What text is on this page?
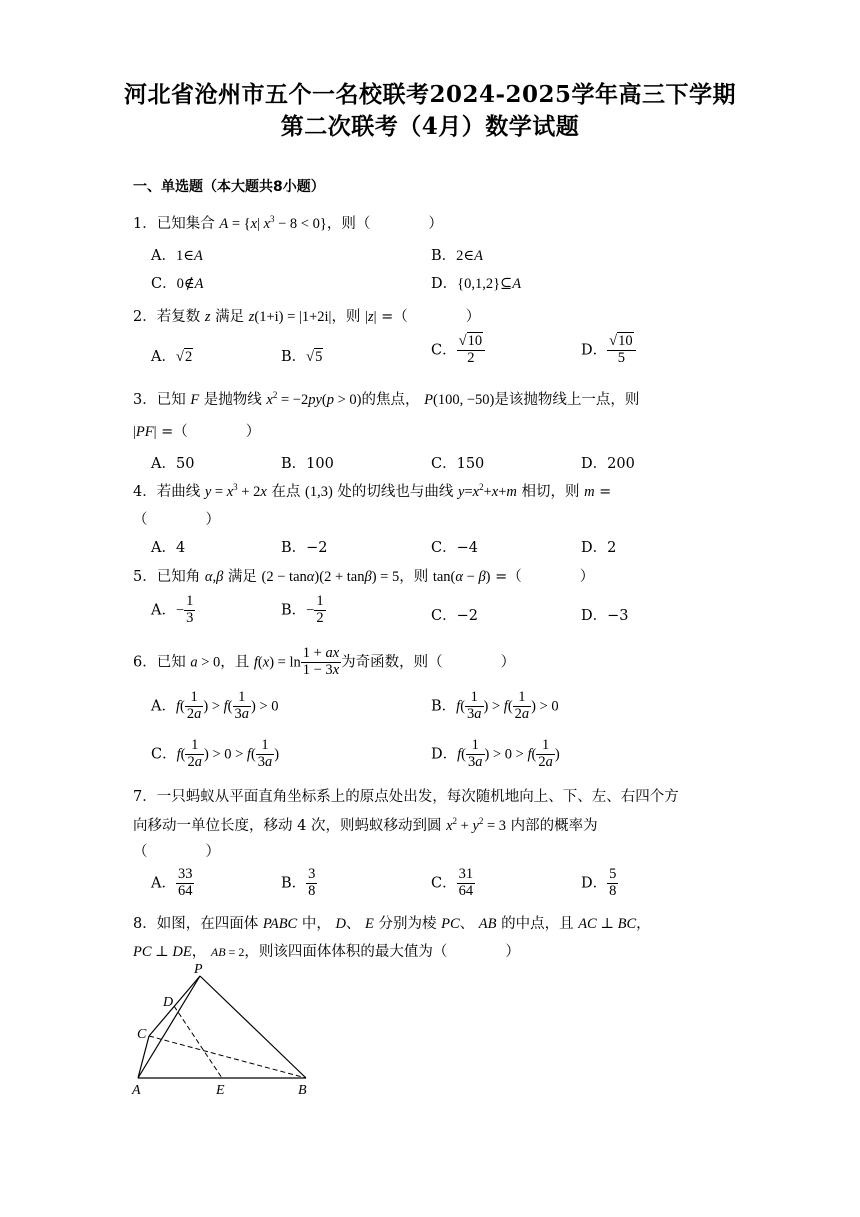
河北省沧州市五个一名校联考2024-2025学年高三下学期
第二次联考（4月）数学试题
一、单选题（本大题共8小题）
1．已知集合 A = {x| $x^3 - 8 < 0$}，则（　　　　）
A．1∈A	B．2∈A
C．0∉A	D．{0,1,2}⊆A
2．若复数 z 满足 z(1+i) = |1+2i|，则 |z| =（　　　　）
A．√2	B．√5	C． $\frac{√10}{2}$	D． $\frac{√10}{5}$
3．已知 F 是抛物线 $x^2 = -2py(p > 0)$的焦点， P(100, −50)是该抛物线上一点，则
|PF| =（　　　　）
A．50	B．100	C．150	D．200
4．若曲线 $y = x^3 + 2x$ 在点 (1,3) 处的切线也与曲线 $y=x^2+x+m$ 相切，则 m =
（　　　　）
A．4	B．−2	C．−4	D．2
5．已知角 α,β 满足 (2 − tanα)(2 + tanβ) = 5，则 tan(α − β) =（　　　　）
A．− $\frac{1}{3}$	B．− $\frac{1}{2}$	C．−2	D．−3
6．已知 a > 0，且 $f(x) = \ln \frac{1 + ax}{1 - 3x}$ 为奇函数，则（　　　　）
A．$f( \frac{1}{2a}$ ) > $f( \frac{1}{3a}$ ) > 0	B．$f( \frac{1}{3a}$ ) > $f( \frac{1}{2a}$ ) > 0
C．$f( \frac{1}{2a}$ ) > $0 > f( \frac{1}{3a}$ )	D．$f( \frac{1}{3a}$ ) > $0 > f( \frac{1}{2a}$ )
7．一只蚂蚁从平面直角坐标系上的原点处出发，每次随机地向上、下、左、右四个方
向移动一单位长度，移动 4 次，则蚂蚁移动到圆 $x^2 + y^2 = 3$ 内部的概率为
（　　　　）
A． $\frac{33}{64}$	B． $\frac{3}{8}$	C． $\frac{31}{64}$	D． $\frac{5}{8}$
8．如图，在四面体 PABC 中， D、 E 分别为棱 PC、 AB 的中点，且 AC ⊥ BC，
PC ⊥ DE， AB = 2，则该四面体体积的最大值为（　　　　）
P
D
C
A	E	B
